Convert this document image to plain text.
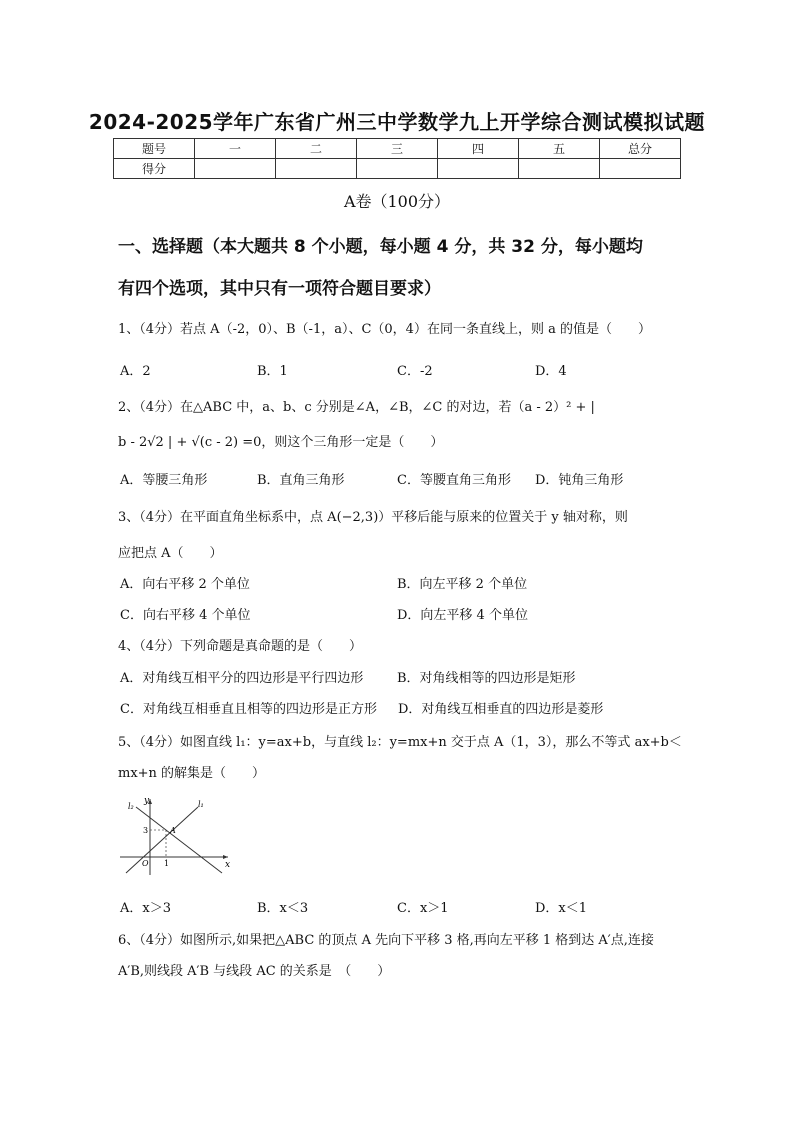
2024-2025学年广东省广州三中学数学九上开学综合测试模拟试题
题号	一	二	三	四	五	总分
得分						
A卷（100分）
一、选择题（本大题共 8 个小题，每小题 4 分，共 32 分，每小题均
有四个选项，其中只有一项符合题目要求）
1、（4分）若点 A（-2，0）、B（-1，a）、C（0，4）在同一条直线上，则 a 的值是（　　）
A．2	B．1	C．-2	D．4
2、（4分）在△ABC 中，a、b、c 分别是∠A，∠B，∠C 的对边，若（a - 2）² + |
b - 2√2 | + √(c - 2) =0，则这个三角形一定是（　　）
A．等腰三角形	B．直角三角形	C．等腰直角三角形 D．钝角三角形
3、（4分）在平面直角坐标系中，点 A(−2,3)）平移后能与原来的位置关于 y 轴对称，则
应把点 A（　　）
A．向右平移 2 个单位	B．向左平移 2 个单位
C．向右平移 4 个单位	D．向左平移 4 个单位
4、（4分）下列命题是真命题的是（　　）
A．对角线互相平分的四边形是平行四边形	B．对角线相等的四边形是矩形
C．对角线互相垂直且相等的四边形是正方形 D．对角线互相垂直的四边形是菱形
5、（4分）如图直线 l₁：y=ax+b，与直线 l₂：y=mx+n 交于点 A（1，3），那么不等式 ax+b＜
mx+n 的解集是（　　）
l₂	l₁
y
x
O
3
1
A
A．x＞3	B．x＜3	C．x＞1	D．x＜1
6、（4分）如图所示,如果把△ABC 的顶点 A 先向下平移 3 格,再向左平移 1 格到达 A′点,连接
A′B,则线段 A′B 与线段 AC 的关系是　（　　）
